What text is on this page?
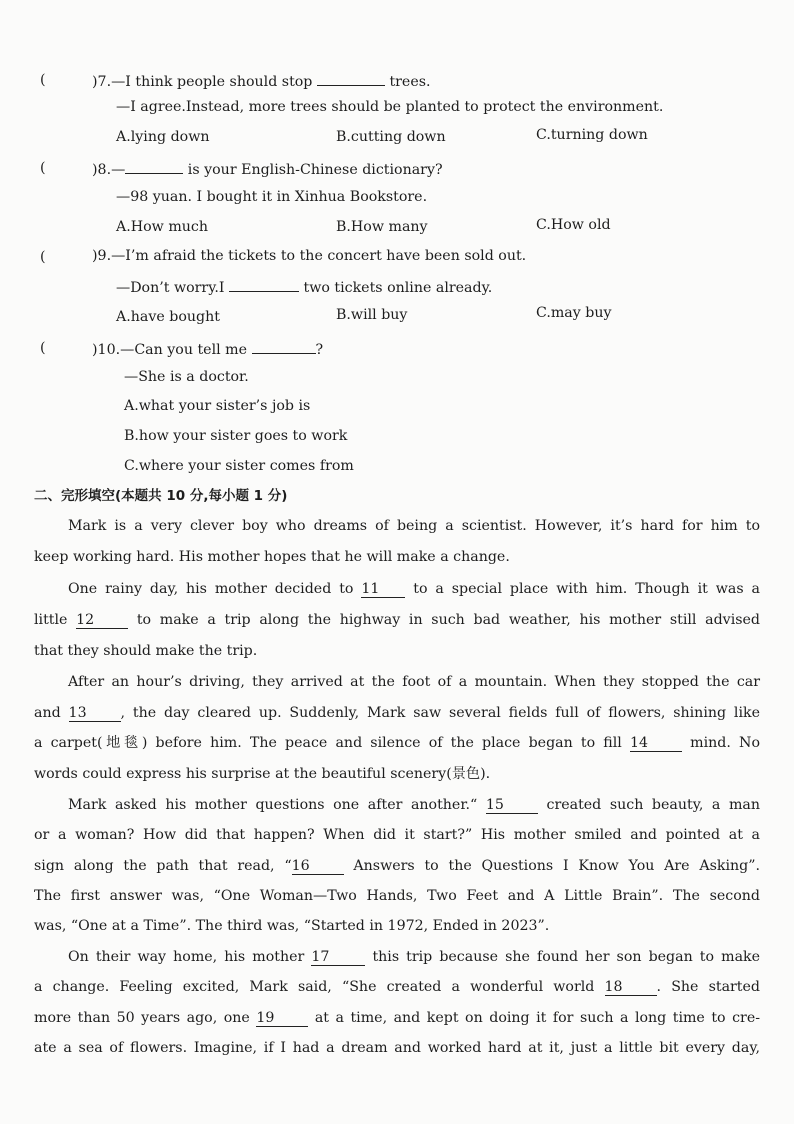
(	)7.—I think people should stop	trees.
—I agree.Instead, more trees should be planted to protect the environment.
A.lying down	B.cutting down	C.turning down
(	)8.—	is your English-Chinese dictionary?
—98 yuan. I bought it in Xinhua Bookstore.
A.How much	B.How many	C.How old
(	)9.—I’m afraid the tickets to the concert have been sold out.
—Don’t worry.I	two tickets online already.
A.have bought	B.will buy	C.may buy
(	)10.—Can you tell me	?
—She is a doctor.
A.what your sister’s job is
B.how your sister goes to work
C.where your sister comes from
二、完形填空(本题共 10 分,每小题 1 分)
Mark is a very clever boy who dreams of being a scientist. However, it’s hard for him to
keep working hard. His mother hopes that he will make a change.
One rainy day, his mother decided to 11 to a special place with him. Though it was a
little 12	to make a trip along the highway in such bad weather, his mother still advised
that they should make the trip.
After an hour’s driving, they arrived at the foot of a mountain. When they stopped the car
and 13 , the day cleared up. Suddenly, Mark saw several fields full of flowers, shining like
a carpet(地毯) before him. The peace and silence of the place began to fill 14	mind. No
words could express his surprise at the beautiful scenery(景色).
Mark asked his mother questions one after another.“ 15	created such beauty, a man
or a woman? How did that happen? When did it start?” His mother smiled and pointed at a
sign along the path that read, “16	Answers to the Questions I Know You Are Asking”.
The first answer was, “One Woman—Two Hands, Two Feet and A Little Brain”. The second
was, “One at a Time”. The third was, “Started in 1972, Ended in 2023”.
On their way home, his mother 17	this trip because she found her son began to make
a change. Feeling excited, Mark said, “She created a wonderful world 18 . She started
more than 50 years ago, one 19	at a time, and kept on doing it for such a long time to cre-
ate a sea of flowers. Imagine, if I had a dream and worked hard at it, just a little bit every day,
